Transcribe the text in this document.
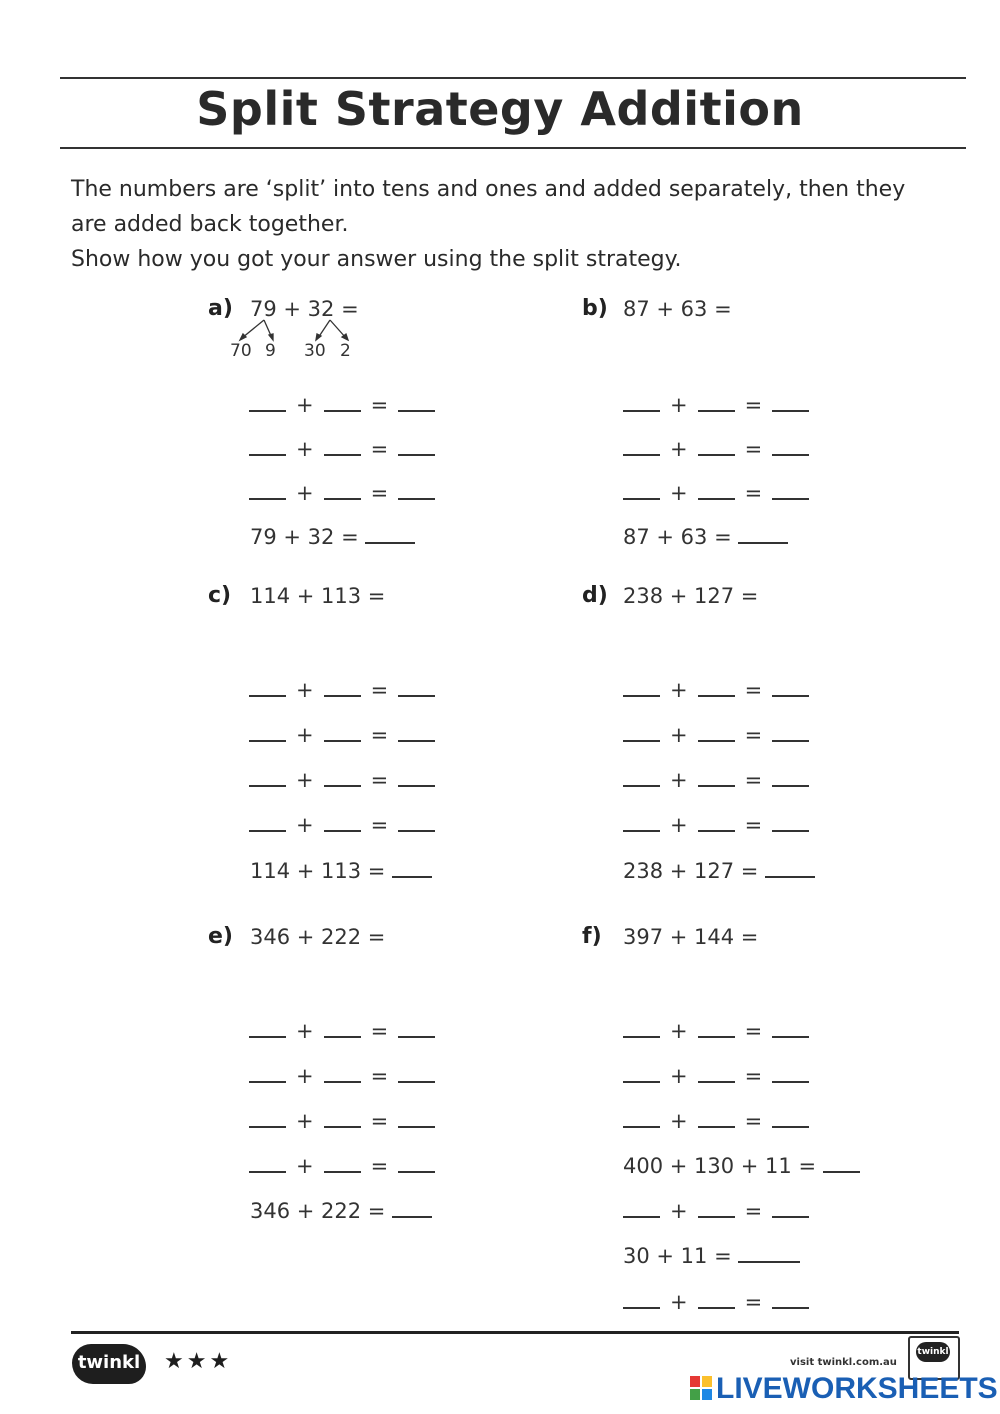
Split Strategy Addition
The numbers are ‘split’ into tens and ones and added separately, then they
are added back together.
Show how you got your answer using the split strategy.
a) 79 + 32 =
70 9 30 2
+	=
+	=
+	=
79 + 32 =
b) 87 + 63 =
+	=
+	=
+	=
87 + 63 =
c) 114 + 113 =
+	=
+	=
+	=
+	=
114 + 113 =
d) 238 + 127 =
+	=
+	=
+	=
+	=
238 + 127 =
e) 346 + 222 =
+	=
+	=
+	=
+	=
346 + 222 =
f) 397 + 144 =
+	=
+	=
+	=
400 + 130 + 11 =
+	=
30 + 11 =
+	=
twinkl ★★★	visit twinkl.com.au
twinkl
LIVEWORKSHEETS
